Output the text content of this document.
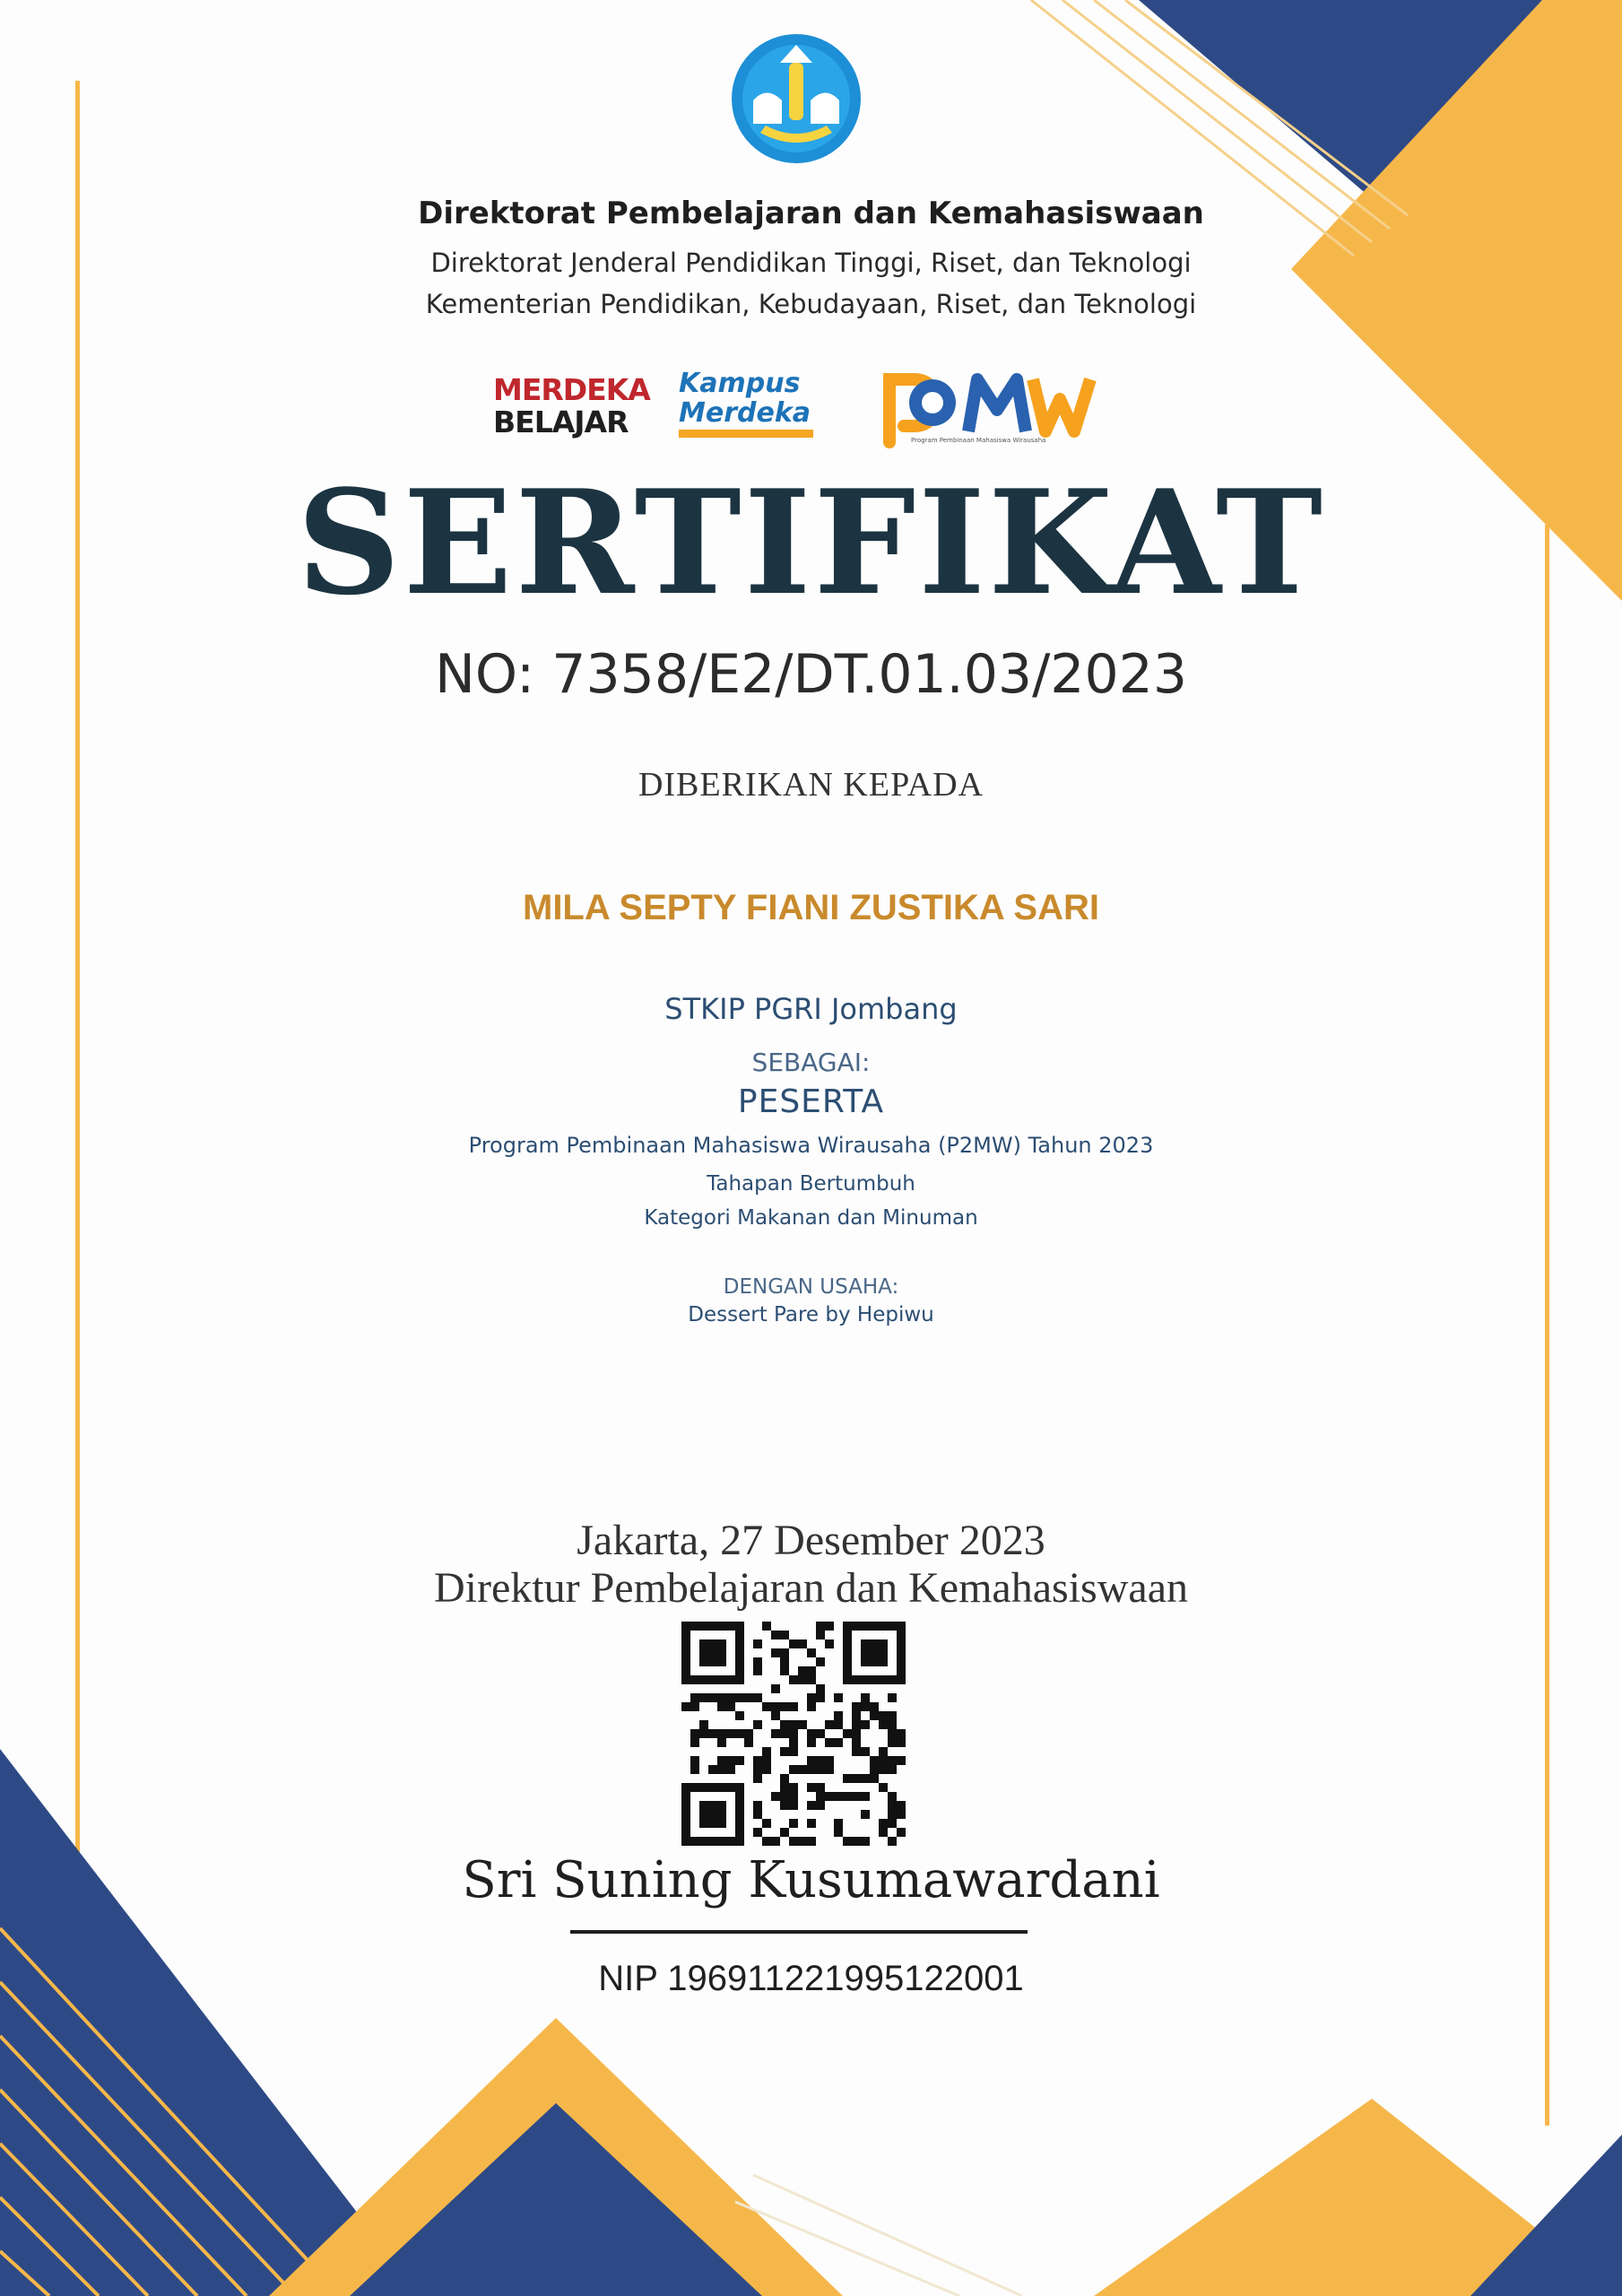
Direktorat Pembelajaran dan Kemahasiswaan
Direktorat Jenderal Pendidikan Tinggi, Riset, dan Teknologi
Kementerian Pendidikan, Kebudayaan, Riset, dan Teknologi
MERDEKA
BELAJAR
Kampus
Merdeka
Program Pembinaan Mahasiswa Wirausaha
SERTIFIKAT
NO: 7358/E2/DT.01.03/2023
DIBERIKAN KEPADA
MILA SEPTY FIANI ZUSTIKA SARI
STKIP PGRI Jombang
SEBAGAI:
PESERTA
Program Pembinaan Mahasiswa Wirausaha (P2MW) Tahun 2023
Tahapan Bertumbuh
Kategori Makanan dan Minuman
DENGAN USAHA:
Dessert Pare by Hepiwu
Jakarta, 27 Desember 2023
Direktur Pembelajaran dan Kemahasiswaan
Sri Suning Kusumawardani
NIP 196911221995122001
